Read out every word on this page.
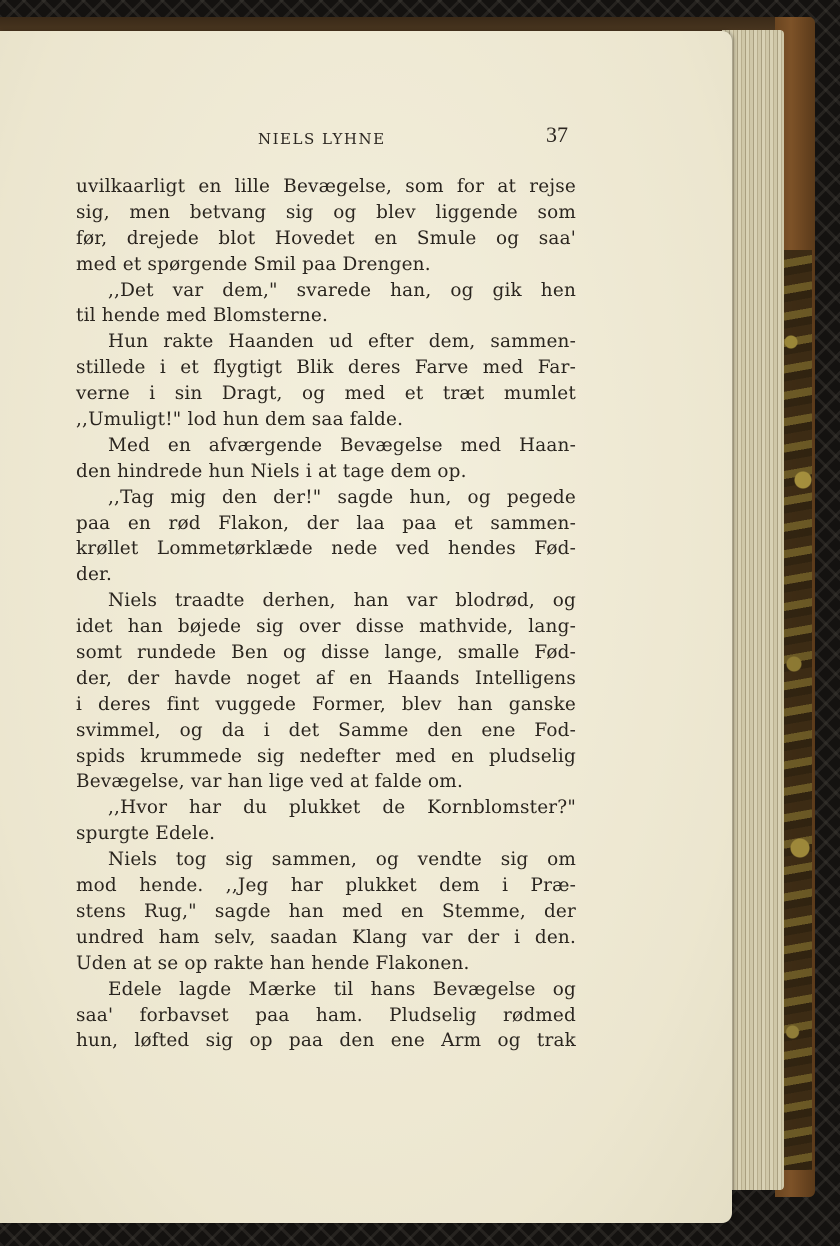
NIELS LYHNE	37
uvilkaarligt en lille Bevægelse, som for at rejse
sig, men betvang sig og blev liggende som
før, drejede blot Hovedet en Smule og saa'
med et spørgende Smil paa Drengen.
,,Det var dem," svarede han, og gik hen
til hende med Blomsterne.
Hun rakte Haanden ud efter dem, sammen-
stillede i et flygtigt Blik deres Farve med Far-
verne i sin Dragt, og med et træt mumlet
,,Umuligt!" lod hun dem saa falde.
Med en afværgende Bevægelse med Haan-
den hindrede hun Niels i at tage dem op.
,,Tag mig den der!" sagde hun, og pegede
paa en rød Flakon, der laa paa et sammen-
krøllet Lommetørklæde nede ved hendes Fød-
der.
Niels traadte derhen, han var blodrød, og
idet han bøjede sig over disse mathvide, lang-
somt rundede Ben og disse lange, smalle Fød-
der, der havde noget af en Haands Intelligens
i deres fint vuggede Former, blev han ganske
svimmel, og da i det Samme den ene Fod-
spids krummede sig nedefter med en pludselig
Bevægelse, var han lige ved at falde om.
,,Hvor har du plukket de Kornblomster?"
spurgte Edele.
Niels tog sig sammen, og vendte sig om
mod hende. ,,Jeg har plukket dem i Præ-
stens Rug," sagde han med en Stemme, der
undred ham selv, saadan Klang var der i den.
Uden at se op rakte han hende Flakonen.
Edele lagde Mærke til hans Bevægelse og
saa' forbavset paa ham. Pludselig rødmed
hun, løfted sig op paa den ene Arm og trak
